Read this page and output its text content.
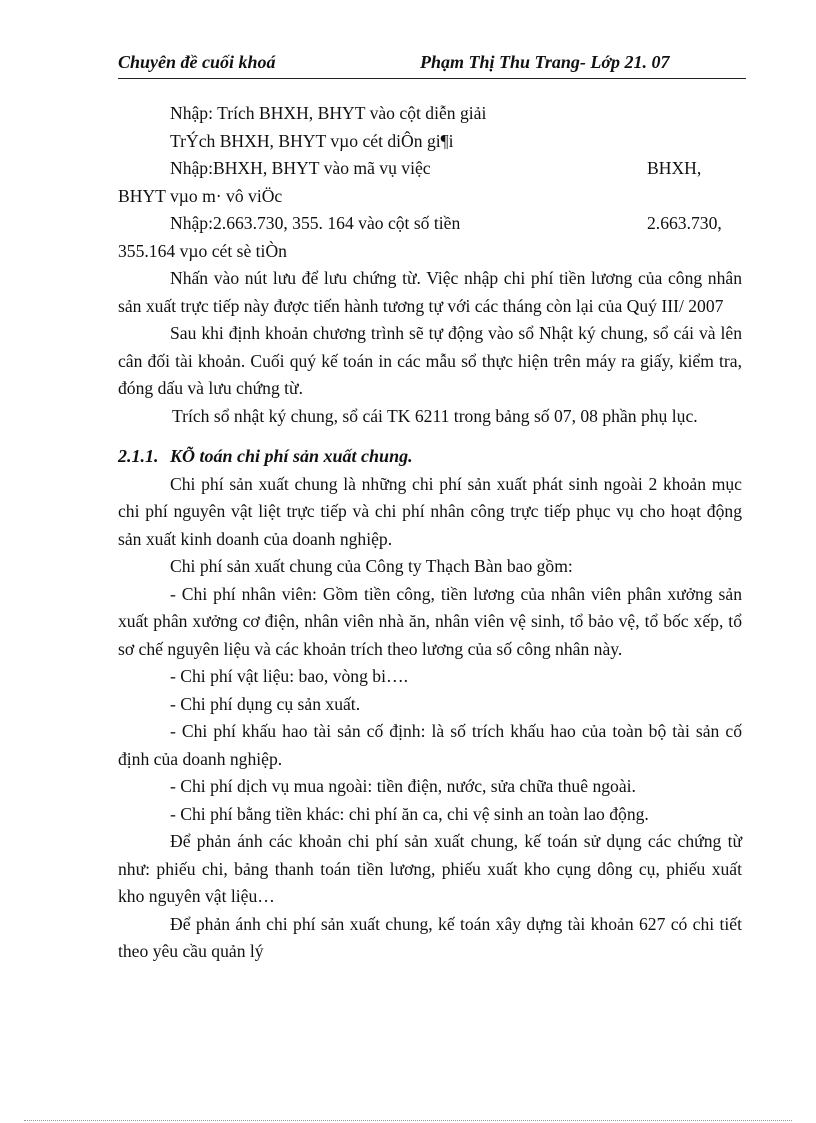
Chuyên đề cuối khoá	Phạm Thị Thu Trang- Lớp 21. 07

Nhập: Trích BHXH, BHYT vào cột diễn giải

TrÝch BHXH, BHYT vµo cét diÔn gi¶i

Nhập:BHXH, BHYT vào mã vụ việc	BHXH,

BHYT vµo m· vô viÖc

Nhập:2.663.730, 355. 164 vào cột số tiền	2.663.730,

355.164 vµo cét sè tiÒn

Nhấn vào nút lưu để lưu chứng từ. Việc nhập chi phí tiền lương của công nhân sản xuất trực tiếp này được tiến hành tương tự với các tháng còn lại của Quý III/ 2007

Sau khi định khoản chương trình sẽ tự động vào sổ Nhật ký chung, sổ cái và lên cân đối tài khoản. Cuối quý kế toán in các mẫu sổ thực hiện trên máy ra giấy, kiểm tra, đóng dấu và lưu chứng từ.

Trích sổ nhật ký chung, sổ cái TK 6211 trong bảng số 07, 08 phần phụ lục.

2.1.1. KÕ toán chi phí sản xuất chung.

Chi phí sản xuất chung là những chi phí sản xuất phát sinh ngoài 2 khoản mục chi phí nguyên vật liệt trực tiếp và chi phí nhân công trực tiếp phục vụ cho hoạt động sản xuất kinh doanh của doanh nghiệp.

Chi phí sản xuất chung của Công ty Thạch Bàn bao gồm:

- Chi phí nhân viên: Gồm tiền công, tiền lương của nhân viên phân xưởng sản xuất phân xưởng cơ điện, nhân viên nhà ăn, nhân viên vệ sinh, tổ bảo vệ, tổ bốc xếp, tổ sơ chế nguyên liệu và các khoản trích theo lương của số công nhân này.

- Chi phí vật liệu: bao, vòng bi….

- Chi phí dụng cụ sản xuất.

- Chi phí khấu hao tài sản cố định: là số trích khấu hao của toàn bộ tài sản cố định của doanh nghiệp.

- Chi phí dịch vụ mua ngoài: tiền điện, nước, sửa chữa thuê ngoài.

- Chi phí bằng tiền khác: chi phí ăn ca, chi vệ sinh an toàn lao động.

Để phản ánh các khoản chi phí sản xuất chung, kế toán sử dụng các chứng từ như: phiếu chi, bảng thanh toán tiền lương, phiếu xuất kho cụng dông cụ, phiếu xuất kho nguyên vật liệu…

Để phản ánh chi phí sản xuất chung, kế toán xây dựng tài khoản 627 có chi tiết theo yêu cầu quản lý
